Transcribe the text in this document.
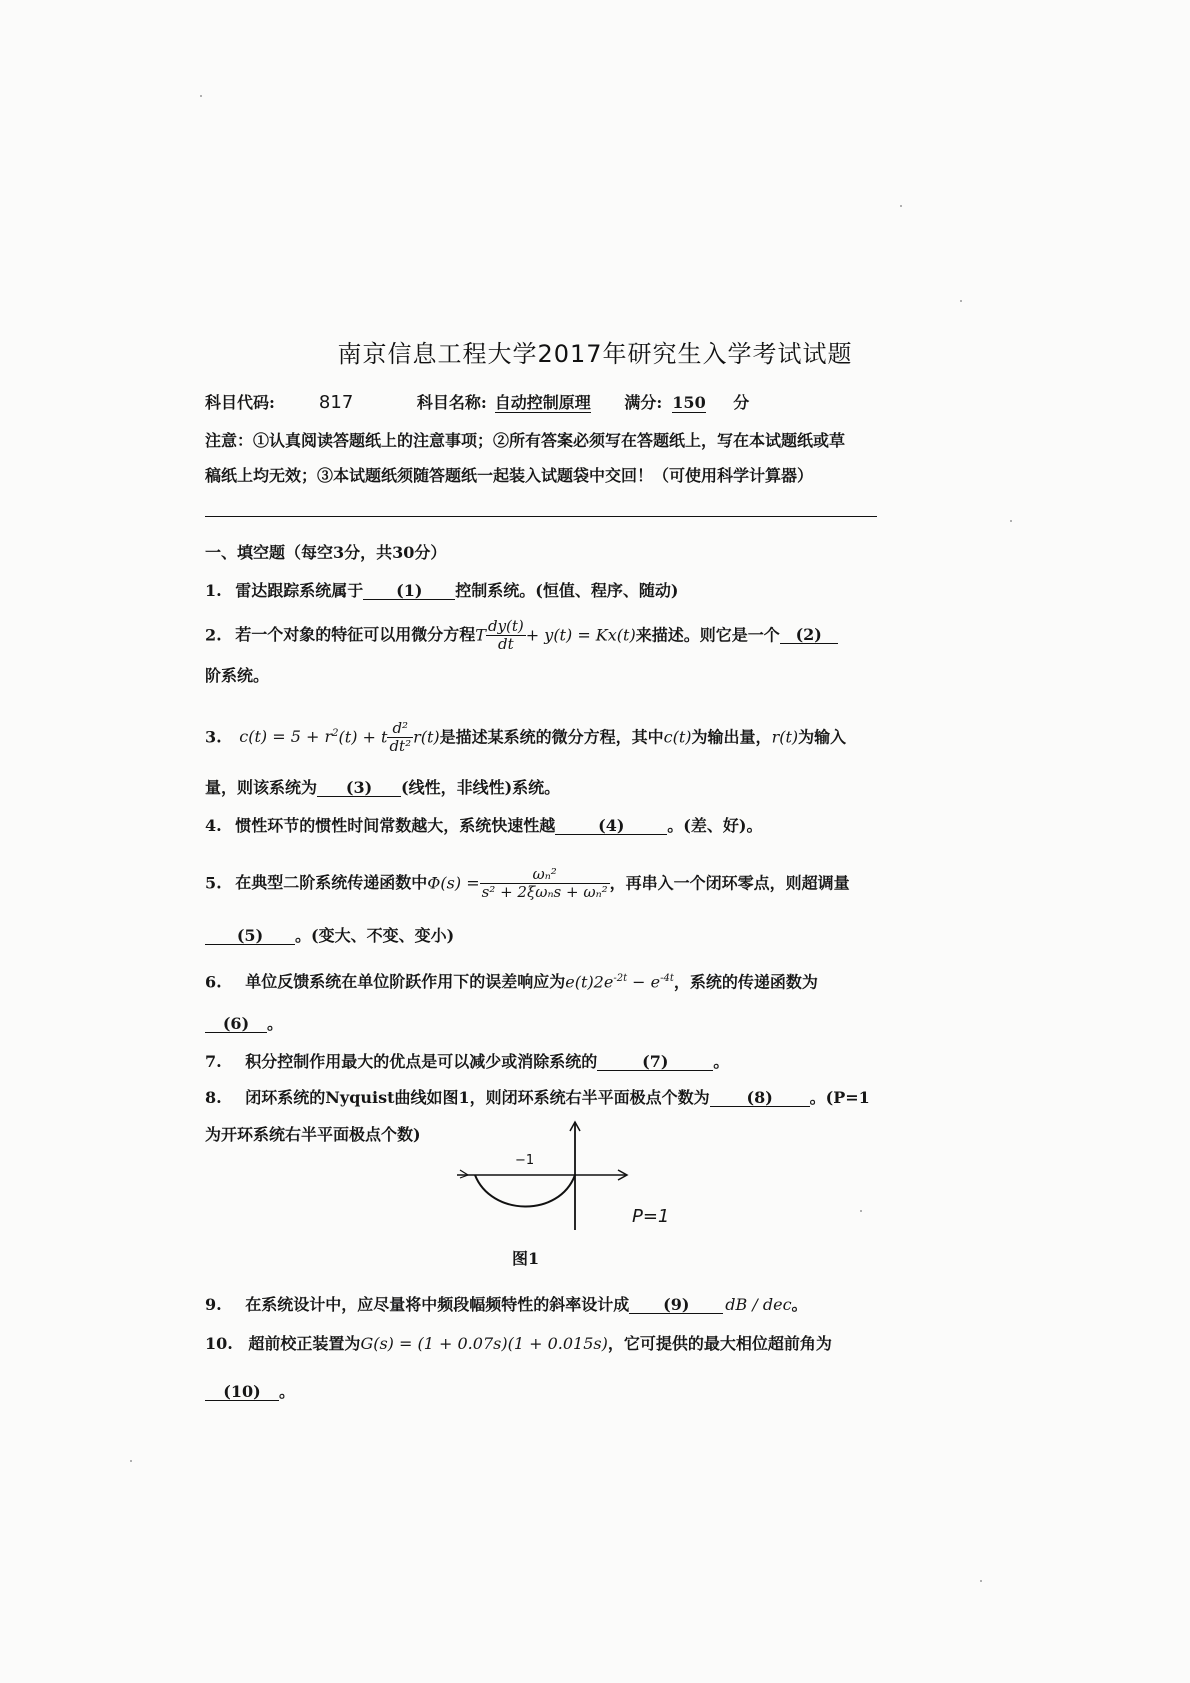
南京信息工程大学2017年研究生入学考试试题
科目代码: 817	科目名称: 自动控制原理 满分: 150 分
注意：①认真阅读答题纸上的注意事项；②所有答案必须写在答题纸上，写在本试题纸或草
稿纸上均无效；③本试题纸须随答题纸一起装入试题袋中交回！（可使用科学计算器）
一、填空题（每空3分，共30分）
1. 雷达跟踪系统属于 (1) 控制系统。(恒值、程序、随动)
2. 若一个对象的特征可以用微分方程T $\frac{dy(t)}{dt} + y(t) = Kx(t)$来描述。则它是一个 (2)
阶系统。
3. $c(t) = 5 + r^2(t) + t \frac{\text{d²}}{\text{dt²}} r(t)$是描述某系统的微分方程，其中c(t)为输出量，r(t)为输入
量，则该系统为 (3) (线性，非线性)系统。
4. 惯性环节的惯性时间常数越大，系统快速性越	(4)	。(差、好)。
5. 在典型二阶系统传递函数中$\Phi(s) = \frac{\text{ωₙ²}}{\text{s² + 2ξωₙs + ωₙ²}}$ ，再串入一个闭环零点，则超调量
(5) 。(变大、不变、变小)
6. 单位反馈系统在单位阶跃作用下的误差响应为$e(t)2e^{-2t} - e^{-4t}$，系统的传递函数为
(6) 。
7. 积分控制作用最大的优点是可以减少或消除系统的	(7)	。
8. 闭环系统的Nyquist曲线如图1，则闭环系统右半平面极点个数为 (8) 。(P=1
为开环系统右半平面极点个数)
−1
P=1
图1
9. 在系统设计中，应尽量将中频段幅频特性的斜率设计成 (9) dB / dec。
10. 超前校正装置为G(s) = (1 + 0.07s)(1 + 0.015s)，它可提供的最大相位超前角为
(10) 。
